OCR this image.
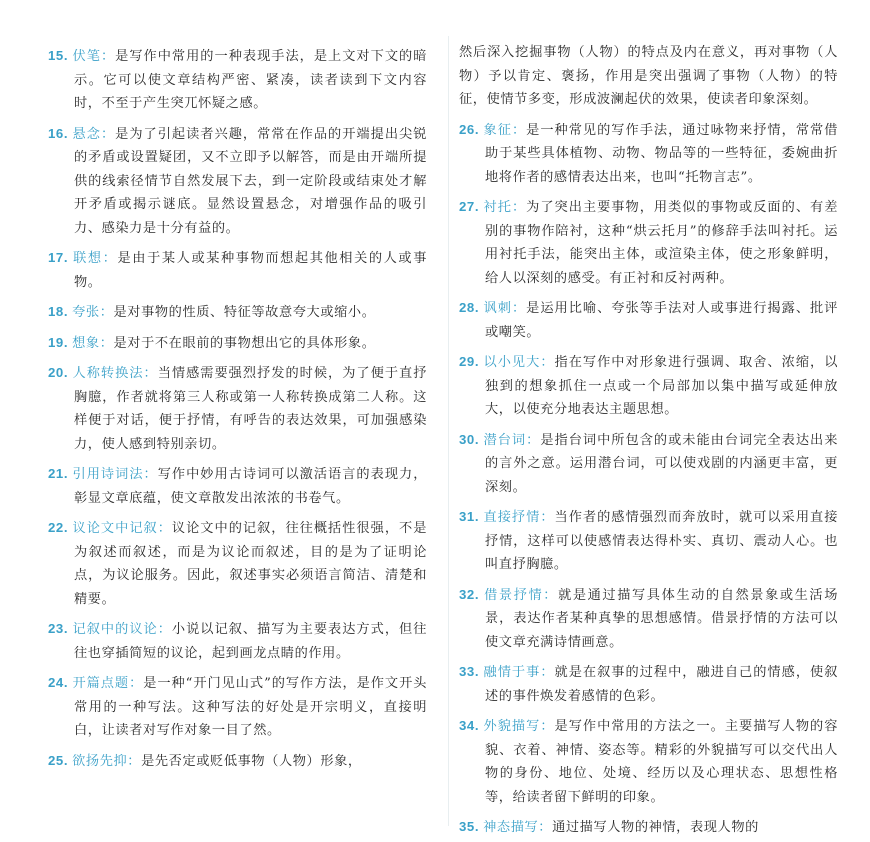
15. 伏笔：是写作中常用的一种表现手法，是上文对下文的暗示。它可以使文章结构严密、紧凑，读者读到下文内容时，不至于产生突兀怀疑之感。
16. 悬念：是为了引起读者兴趣，常常在作品的开端提出尖锐的矛盾或设置疑团，又不立即予以解答，而是由开端所提供的线索径情节自然发展下去，到一定阶段或结束处才解开矛盾或揭示谜底。显然设置悬念，对增强作品的吸引力、感染力是十分有益的。
17. 联想：是由于某人或某种事物而想起其他相关的人或事物。
18. 夸张：是对事物的性质、特征等故意夸大或缩小。
19. 想象：是对于不在眼前的事物想出它的具体形象。
20. 人称转换法：当情感需要强烈抒发的时候，为了便于直抒胸臆，作者就将第三人称或第一人称转换成第二人称。这样便于对话，便于抒情，有呼告的表达效果，可加强感染力，使人感到特别亲切。
21. 引用诗词法：写作中妙用古诗词可以激活语言的表现力，彰显文章底蕴，使文章散发出浓浓的书卷气。
22. 议论文中记叙：议论文中的记叙，往往概括性很强，不是为叙述而叙述，而是为议论而叙述，目的是为了证明论点，为议论服务。因此，叙述事实必须语言简洁、清楚和精要。
23. 记叙中的议论：小说以记叙、描写为主要表达方式，但往往也穿插简短的议论，起到画龙点睛的作用。
24. 开篇点题：是一种“开门见山式”的写作方法，是作文开头常用的一种写法。这种写法的好处是开宗明义，直接明白，让读者对写作对象一目了然。
25. 欲扬先抑：是先否定或贬低事物（人物）形象，
然后深入挖掘事物（人物）的特点及内在意义，再对事物（人物）予以肯定、褒扬，作用是突出强调了事物（人物）的特征，使情节多变，形成波澜起伏的效果，使读者印象深刻。
26. 象征：是一种常见的写作手法，通过咏物来抒情，常常借助于某些具体植物、动物、物品等的一些特征，委婉曲折地将作者的感情表达出来，也叫“托物言志”。
27. 衬托：为了突出主要事物，用类似的事物或反面的、有差别的事物作陪衬，这种“烘云托月”的修辞手法叫衬托。运用衬托手法，能突出主体，或渲染主体，使之形象鲜明，给人以深刻的感受。有正衬和反衬两种。
28. 讽刺：是运用比喻、夸张等手法对人或事进行揭露、批评或嘲笑。
29. 以小见大：指在写作中对形象进行强调、取舍、浓缩，以独到的想象抓住一点或一个局部加以集中描写或延伸放大，以使充分地表达主题思想。
30. 潜台词：是指台词中所包含的或未能由台词完全表达出来的言外之意。运用潜台词，可以使戏剧的内涵更丰富，更深刻。
31. 直接抒情：当作者的感情强烈而奔放时，就可以采用直接抒情，这样可以使感情表达得朴实、真切、震动人心。也叫直抒胸臆。
32. 借景抒情：就是通过描写具体生动的自然景象或生活场景，表达作者某种真挚的思想感情。借景抒情的方法可以使文章充满诗情画意。
33. 融情于事：就是在叙事的过程中，融进自己的情感，使叙述的事件焕发着感情的色彩。
34. 外貌描写：是写作中常用的方法之一。主要描写人物的容貌、衣着、神情、姿态等。精彩的外貌描写可以交代出人物的身份、地位、处境、经历以及心理状态、思想性格等，给读者留下鲜明的印象。
35. 神态描写：通过描写人物的神情，表现人物的
